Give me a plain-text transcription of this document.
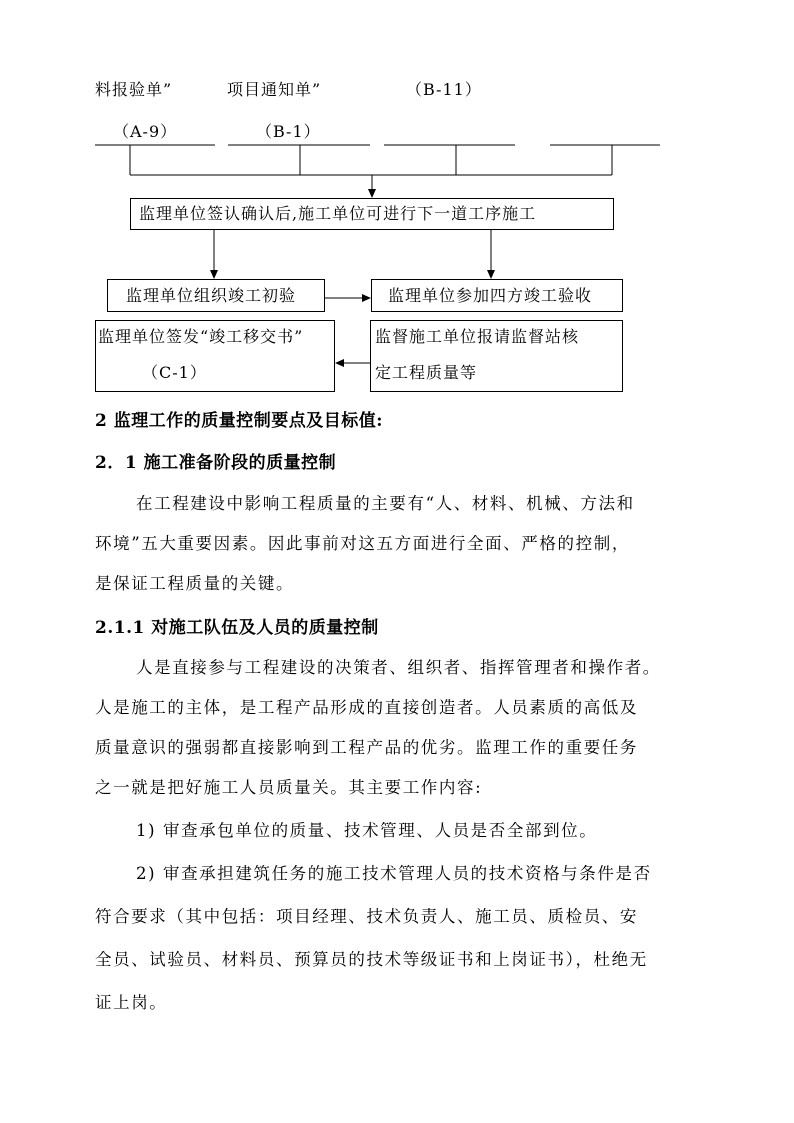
料报验单”	项目通知单”	（B-11）
（A-9）	（B-1）
监理单位签认确认后,施工单位可进行下一道工序施工
监理单位组织竣工初验	监理单位参加四方竣工验收
监理单位签发“竣工移交书”
（C-1）
监督施工单位报请监督站核
定工程质量等
2 监理工作的质量控制要点及目标值:
2．1 施工准备阶段的质量控制
在工程建设中影响工程质量的主要有“人、材料、机械、方法和
环境”五大重要因素。因此事前对这五方面进行全面、严格的控制，
是保证工程质量的关键。
2.1.1 对施工队伍及人员的质量控制
人是直接参与工程建设的决策者、组织者、指挥管理者和操作者。
人是施工的主体，是工程产品形成的直接创造者。人员素质的高低及
质量意识的强弱都直接影响到工程产品的优劣。监理工作的重要任务
之一就是把好施工人员质量关。其主要工作内容:
1) 审查承包单位的质量、技术管理、人员是否全部到位。
2) 审查承担建筑任务的施工技术管理人员的技术资格与条件是否
符合要求（其中包括：项目经理、技术负责人、施工员、质检员、安
全员、试验员、材料员、预算员的技术等级证书和上岗证书），杜绝无
证上岗。
